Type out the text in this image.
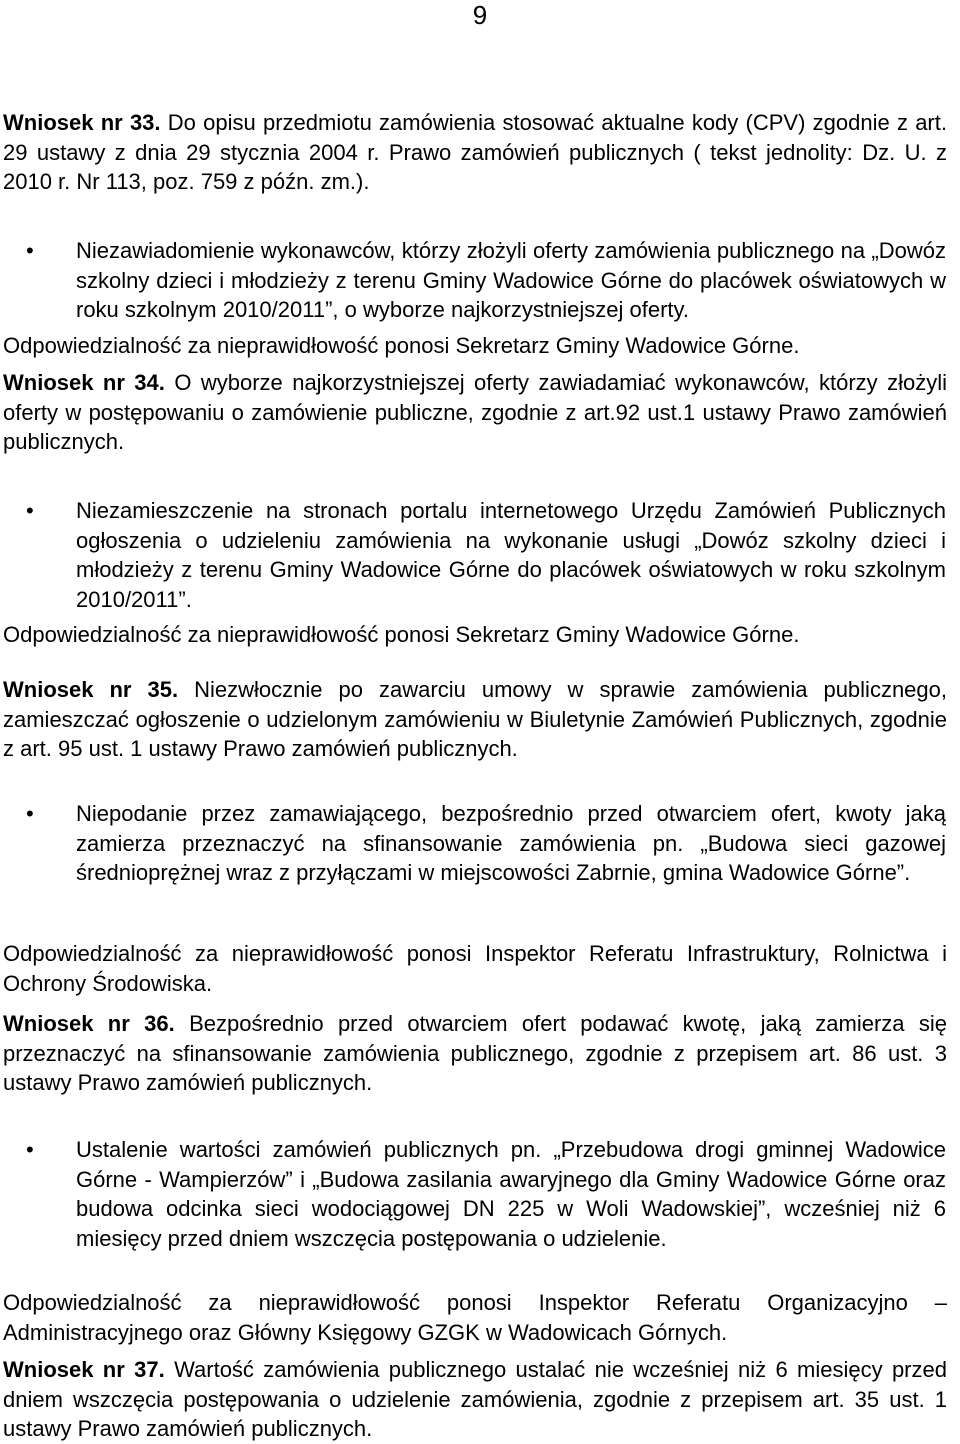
9

Wniosek nr 33. Do opisu przedmiotu zamówienia stosować aktualne kody (CPV) zgodnie z art. 29 ustawy z dnia 29 stycznia 2004 r. Prawo zamówień publicznych ( tekst jednolity: Dz. U. z 2010 r. Nr 113, poz. 759 z późn. zm.).

• Niezawiadomienie wykonawców, którzy złożyli oferty zamówienia publicznego na „Dowóz szkolny dzieci i młodzieży z terenu Gminy Wadowice Górne do placówek oświatowych w roku szkolnym 2010/2011”, o wyborze najkorzystniejszej oferty.

Odpowiedzialność za nieprawidłowość ponosi Sekretarz Gminy Wadowice Górne.

Wniosek nr 34. O wyborze najkorzystniejszej oferty zawiadamiać wykonawców, którzy złożyli oferty w postępowaniu o zamówienie publiczne, zgodnie z art.92 ust.1 ustawy Prawo zamówień publicznych.

• Niezamieszczenie na stronach portalu internetowego Urzędu Zamówień Publicznych ogłoszenia o udzieleniu zamówienia na wykonanie usługi „Dowóz szkolny dzieci i młodzieży z terenu Gminy Wadowice Górne do placówek oświatowych w roku szkolnym 2010/2011”.

Odpowiedzialność za nieprawidłowość ponosi Sekretarz Gminy Wadowice Górne.

Wniosek nr 35. Niezwłocznie po zawarciu umowy w sprawie zamówienia publicznego, zamieszczać ogłoszenie o udzielonym zamówieniu w Biuletynie Zamówień Publicznych, zgodnie z art. 95 ust. 1 ustawy Prawo zamówień publicznych.

• Niepodanie przez zamawiającego, bezpośrednio przed otwarciem ofert, kwoty jaką zamierza przeznaczyć na sfinansowanie zamówienia pn. „Budowa sieci gazowej średnioprężnej wraz z przyłączami w miejscowości Zabrnie, gmina Wadowice Górne”.

Odpowiedzialność za nieprawidłowość ponosi Inspektor Referatu Infrastruktury, Rolnictwa i Ochrony Środowiska.

Wniosek nr 36. Bezpośrednio przed otwarciem ofert podawać kwotę, jaką zamierza się przeznaczyć na sfinansowanie zamówienia publicznego, zgodnie z przepisem art. 86 ust. 3 ustawy Prawo zamówień publicznych.

• Ustalenie wartości zamówień publicznych pn. „Przebudowa drogi gminnej Wadowice Górne - Wampierzów” i „Budowa zasilania awaryjnego dla Gminy Wadowice Górne oraz budowa odcinka sieci wodociągowej DN 225 w Woli Wadowskiej”, wcześniej niż 6 miesięcy przed dniem wszczęcia postępowania o udzielenie.

Odpowiedzialność za nieprawidłowość ponosi Inspektor Referatu Organizacyjno – Administracyjnego oraz Główny Księgowy GZGK w Wadowicach Górnych.

Wniosek nr 37. Wartość zamówienia publicznego ustalać nie wcześniej niż 6 miesięcy przed dniem wszczęcia postępowania o udzielenie zamówienia, zgodnie z przepisem art. 35 ust. 1 ustawy Prawo zamówień publicznych.
